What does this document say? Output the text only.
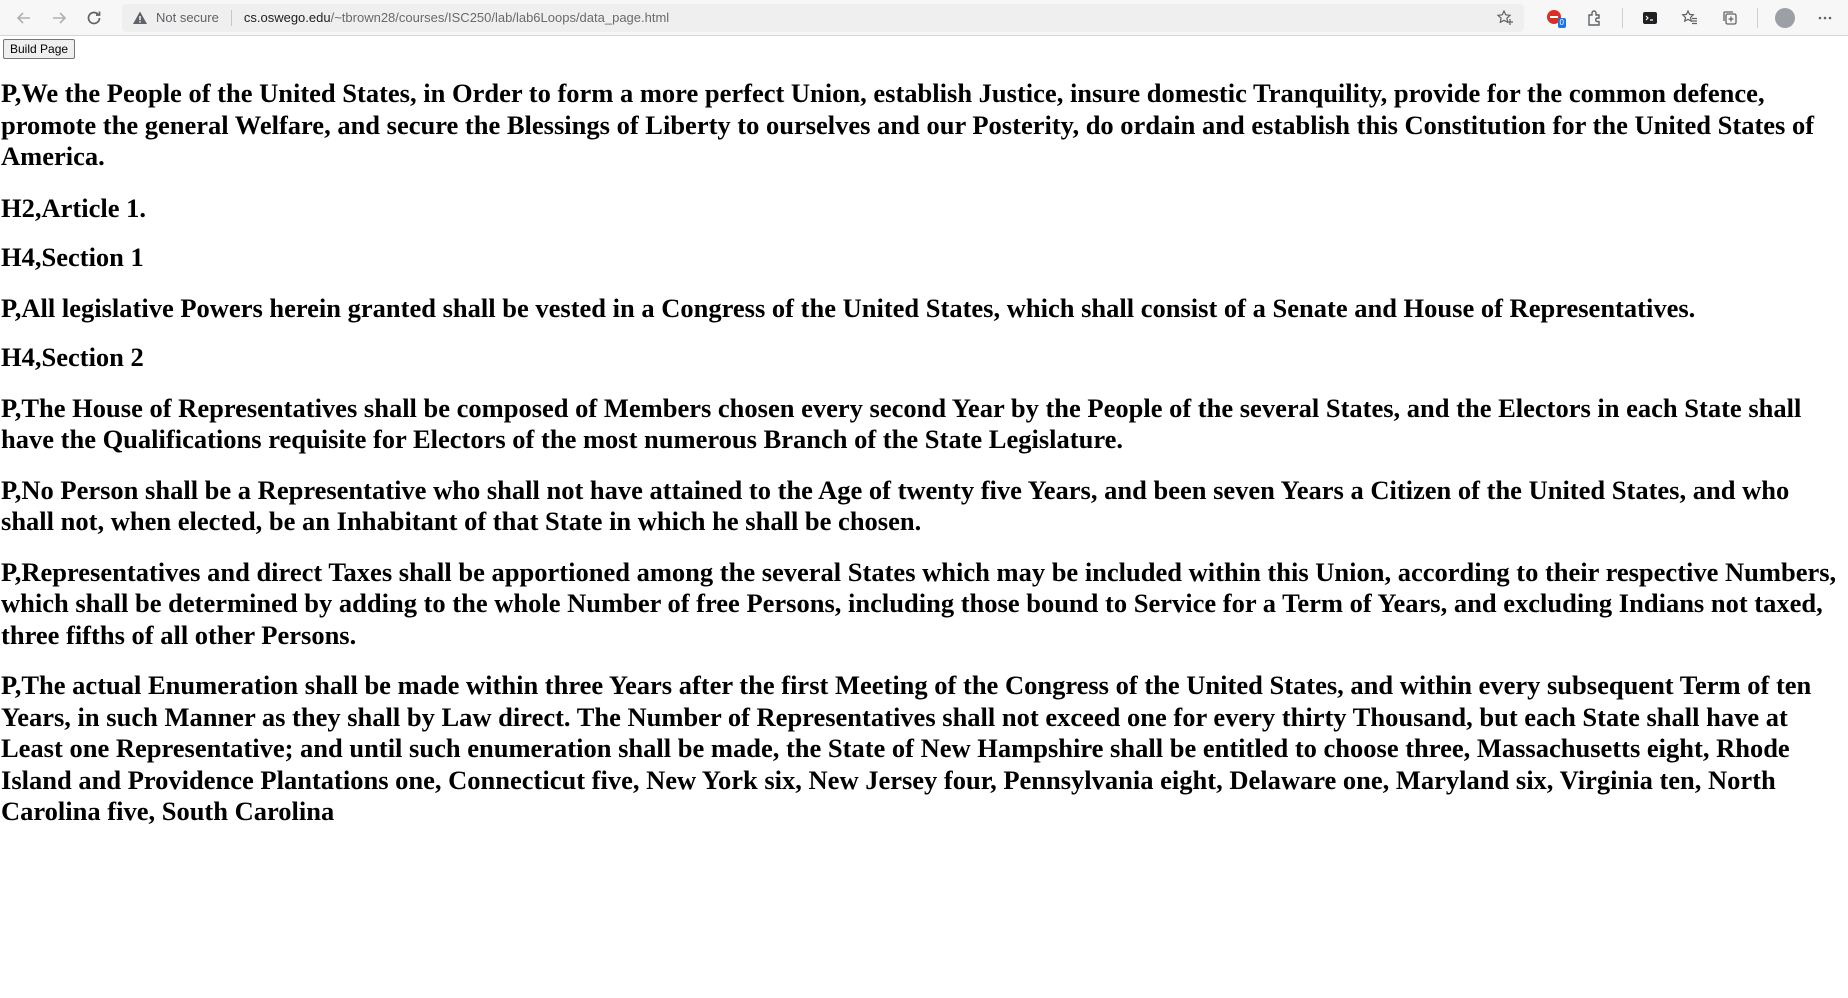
Not secure cs.oswego.edu/~tbrown28/courses/ISC250/lab/lab6Loops/data_page.html	0
Build Page

P,We the People of the United States, in Order to form a more perfect Union, establish Justice, insure domestic Tranquility, provide for the common defence, promote the general Welfare, and secure the Blessings of Liberty to ourselves and our Posterity, do ordain and establish this Constitution for the United States of America.

H2,Article 1.
H4,Section 1

P,All legislative Powers herein granted shall be vested in a Congress of the United States, which shall consist of a Senate and House of Representatives.

H4,Section 2

P,The House of Representatives shall be composed of Members chosen every second Year by the People of the several States, and the Electors in each State shall have the Qualifications requisite for Electors of the most numerous Branch of the State Legislature.

P,No Person shall be a Representative who shall not have attained to the Age of twenty five Years, and been seven Years a Citizen of the United States, and who shall not, when elected, be an Inhabitant of that State in which he shall be chosen.

P,Representatives and direct Taxes shall be apportioned among the several States which may be included within this Union, according to their respective Numbers, which shall be determined by adding to the whole Number of free Persons, including those bound to Service for a Term of Years, and excluding Indians not taxed, three fifths of all other Persons.

P,The actual Enumeration shall be made within three Years after the first Meeting of the Congress of the United States, and within every subsequent Term of ten Years, in such Manner as they shall by Law direct. The Number of Representatives shall not exceed one for every thirty Thousand, but each State shall have at Least one Representative; and until such enumeration shall be made, the State of New Hampshire shall be entitled to choose three, Massachusetts eight, Rhode Island and Providence Plantations one, Connecticut five, New York six, New Jersey four, Pennsylvania eight, Delaware one, Maryland six, Virginia ten, North Carolina five, South Carolina
